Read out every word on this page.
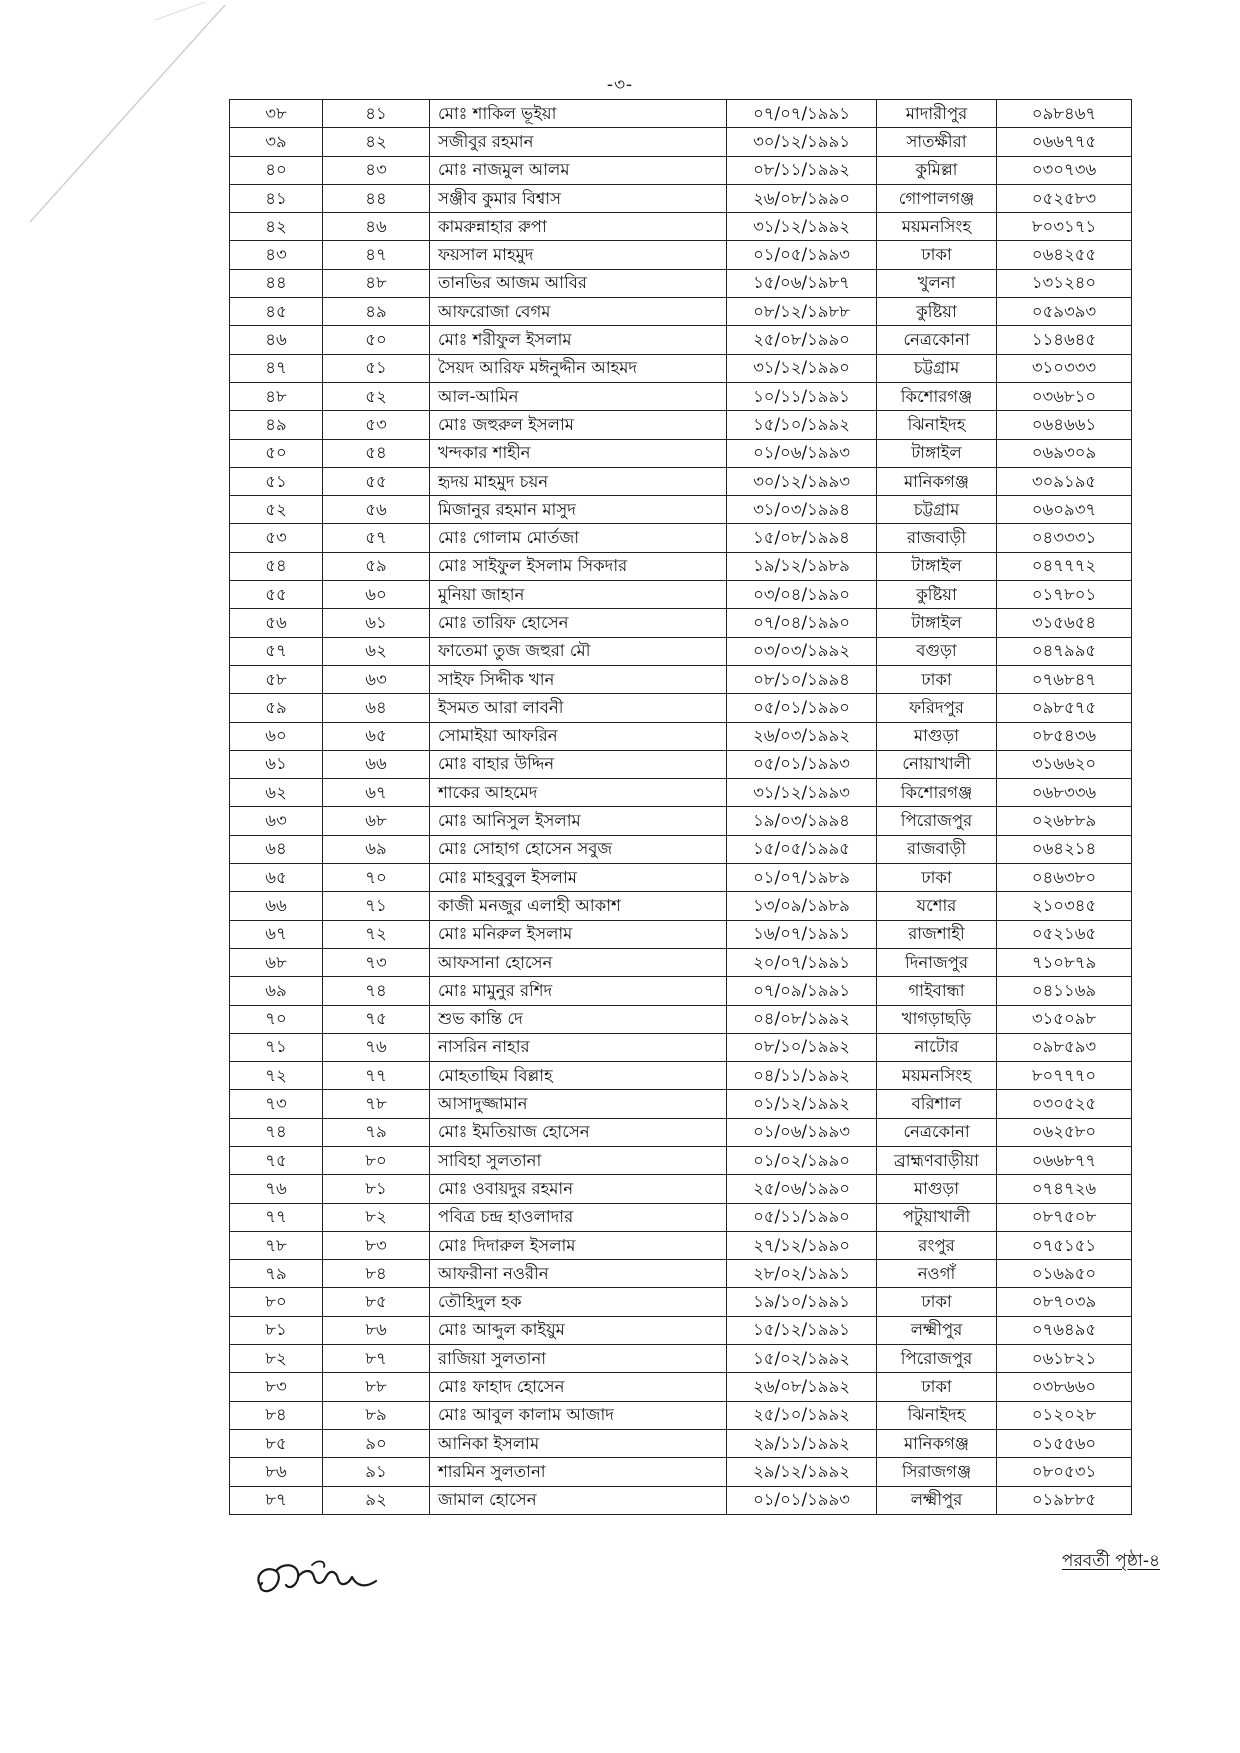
-৩-
৩৮	৪১	মোঃ শাকিল ভূইয়া	০৭/০৭/১৯৯১	মাদারীপুর	০৯৮৪৬৭
৩৯	৪২	সজীবুর রহমান	৩০/১২/১৯৯১	সাতক্ষীরা	০৬৬৭৭৫
৪০	৪৩	মোঃ নাজমুল আলম	০৮/১১/১৯৯২	কুমিল্লা	০৩০৭৩৬
৪১	৪৪	সঞ্জীব কুমার বিশ্বাস	২৬/০৮/১৯৯০	গোপালগঞ্জ	০৫২৫৮৩
৪২	৪৬	কামরুন্নাহার রুপা	৩১/১২/১৯৯২	ময়মনসিংহ	৮০৩১৭১
৪৩	৪৭	ফয়সাল মাহমুদ	০১/০৫/১৯৯৩	ঢাকা	০৬৪২৫৫
৪৪	৪৮	তানভির আজম আবির	১৫/০৬/১৯৮৭	খুলনা	১৩১২৪০
৪৫	৪৯	আফরোজা বেগম	০৮/১২/১৯৮৮	কুষ্টিয়া	০৫৯৩৯৩
৪৬	৫০	মোঃ শরীফুল ইসলাম	২৫/০৮/১৯৯০	নেত্রকোনা	১১৪৬৪৫
৪৭	৫১	সৈয়দ আরিফ মঈনুদ্দীন আহমদ	৩১/১২/১৯৯০	চট্টগ্রাম	৩১০৩৩৩
৪৮	৫২	আল-আমিন	১০/১১/১৯৯১	কিশোরগঞ্জ	০৩৬৮১০
৪৯	৫৩	মোঃ জহুরুল ইসলাম	১৫/১০/১৯৯২	ঝিনাইদহ	০৬৪৬৬১
৫০	৫৪	খন্দকার শাহীন	০১/০৬/১৯৯৩	টাঙ্গাইল	০৬৯৩০৯
৫১	৫৫	হৃদয় মাহমুদ চয়ন	৩০/১২/১৯৯৩	মানিকগঞ্জ	৩০৯১৯৫
৫২	৫৬	মিজানুর রহমান মাসুদ	৩১/০৩/১৯৯৪	চট্টগ্রাম	০৬০৯৩৭
৫৩	৫৭	মোঃ গোলাম মোর্তজা	১৫/০৮/১৯৯৪	রাজবাড়ী	০৪৩৩৩১
৫৪	৫৯	মোঃ সাইফুল ইসলাম সিকদার	১৯/১২/১৯৮৯	টাঙ্গাইল	০৪৭৭৭২
৫৫	৬০	মুনিয়া জাহান	০৩/০৪/১৯৯০	কুষ্টিয়া	০১৭৮০১
৫৬	৬১	মোঃ তারিফ হোসেন	০৭/০৪/১৯৯০	টাঙ্গাইল	৩১৫৬৫৪
৫৭	৬২	ফাতেমা তুজ জহুরা মৌ	০৩/০৩/১৯৯২	বগুড়া	০৪৭৯৯৫
৫৮	৬৩	সাইফ সিদ্দীক খান	০৮/১০/১৯৯৪	ঢাকা	০৭৬৮৪৭
৫৯	৬৪	ইসমত আরা লাবনী	০৫/০১/১৯৯০	ফরিদপুর	০৯৮৫৭৫
৬০	৬৫	সোমাইয়া আফরিন	২৬/০৩/১৯৯২	মাগুড়া	০৮৫৪৩৬
৬১	৬৬	মোঃ বাহার উদ্দিন	০৫/০১/১৯৯৩	নোয়াখালী	৩১৬৬২০
৬২	৬৭	শাকের আহমেদ	৩১/১২/১৯৯৩	কিশোরগঞ্জ	০৬৮৩৩৬
৬৩	৬৮	মোঃ আনিসুল ইসলাম	১৯/০৩/১৯৯৪	পিরোজপুর	০২৬৮৮৯
৬৪	৬৯	মোঃ সোহাগ হোসেন সবুজ	১৫/০৫/১৯৯৫	রাজবাড়ী	০৬৪২১৪
৬৫	৭০	মোঃ মাহবুবুল ইসলাম	০১/০৭/১৯৮৯	ঢাকা	০৪৬৩৮০
৬৬	৭১	কাজী মনজুর এলাহী আকাশ	১৩/০৯/১৯৮৯	যশোর	২১০৩৪৫
৬৭	৭২	মোঃ মনিরুল ইসলাম	১৬/০৭/১৯৯১	রাজশাহী	০৫২১৬৫
৬৮	৭৩	আফসানা হোসেন	২০/০৭/১৯৯১	দিনাজপুর	৭১০৮৭৯
৬৯	৭৪	মোঃ মামুনুর রশিদ	০৭/০৯/১৯৯১	গাইবান্ধা	০৪১১৬৯
৭০	৭৫	শুভ কান্তি দে	০৪/০৮/১৯৯২	খাগড়াছড়ি	৩১৫০৯৮
৭১	৭৬	নাসরিন নাহার	০৮/১০/১৯৯২	নাটোর	০৯৮৫৯৩
৭২	৭৭	মোহতাছিম বিল্লাহ	০৪/১১/১৯৯২	ময়মনসিংহ	৮০৭৭৭০
৭৩	৭৮	আসাদুজ্জামান	০১/১২/১৯৯২	বরিশাল	০৩০৫২৫
৭৪	৭৯	মোঃ ইমতিয়াজ হোসেন	০১/০৬/১৯৯৩	নেত্রকোনা	০৬২৫৮০
৭৫	৮০	সাবিহা সুলতানা	০১/০২/১৯৯০	ব্রাহ্মণবাড়ীয়া	০৬৬৮৭৭
৭৬	৮১	মোঃ ওবায়দুর রহমান	২৫/০৬/১৯৯০	মাগুড়া	০৭৪৭২৬
৭৭	৮২	পবিত্র চন্দ্র হাওলাদার	০৫/১১/১৯৯০	পটুয়াখালী	০৮৭৫০৮
৭৮	৮৩	মোঃ দিদারুল ইসলাম	২৭/১২/১৯৯০	রংপুর	০৭৫১৫১
৭৯	৮৪	আফরীনা নওরীন	২৮/০২/১৯৯১	নওগাঁ	০১৬৯৫০
৮০	৮৫	তৌহিদুল হক	১৯/১০/১৯৯১	ঢাকা	০৮৭০৩৯
৮১	৮৬	মোঃ আব্দুল কাইয়ুম	১৫/১২/১৯৯১	লক্ষ্মীপুর	০৭৬৪৯৫
৮২	৮৭	রাজিয়া সুলতানা	১৫/০২/১৯৯২	পিরোজপুর	০৬১৮২১
৮৩	৮৮	মোঃ ফাহাদ হোসেন	২৬/০৮/১৯৯২	ঢাকা	০৩৮৬৬০
৮৪	৮৯	মোঃ আবুল কালাম আজাদ	২৫/১০/১৯৯২	ঝিনাইদহ	০১২০২৮
৮৫	৯০	আনিকা ইসলাম	২৯/১১/১৯৯২	মানিকগঞ্জ	০১৫৫৬০
৮৬	৯১	শারমিন সুলতানা	২৯/১২/১৯৯২	সিরাজগঞ্জ	০৮০৫৩১
৮৭	৯২	জামাল হোসেন	০১/০১/১৯৯৩	লক্ষ্মীপুর	০১৯৮৮৫
পরবর্তী পৃষ্ঠা-৪
